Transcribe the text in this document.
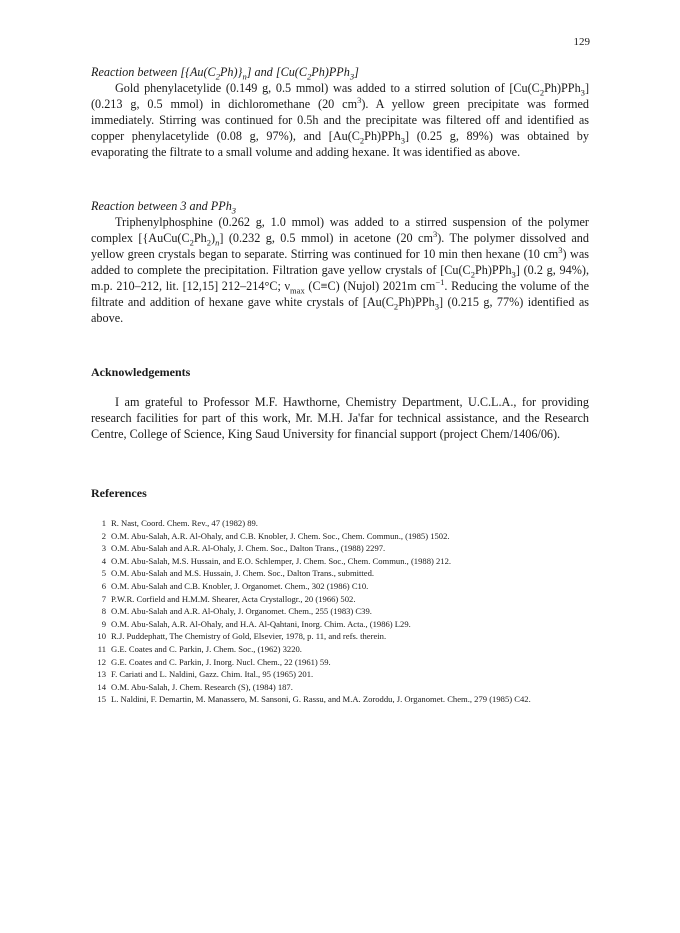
129

Reaction between $[\{Au(C_2Ph)\}_n]$ and $[Cu(C_2Ph)PPh_3]$

Gold phenylacetylide (0.149 g, 0.5 mmol) was added to a stirred solution of $[Cu(C_2Ph)PPh_3]$ (0.213 g, 0.5 mmol) in dichloromethane (20 $cm^3$). A yellow green precipitate was formed immediately. Stirring was continued for 0.5h and the precipitate was filtered off and identified as copper phenylacetylide (0.08 g, 97%), and $[Au(C_2Ph)PPh_3]$ (0.25 g, 89%) was obtained by evaporating the filtrate to a small volume and adding hexane. It was identified as above.

Reaction between 3 and PPh$_3$

Triphenylphosphine (0.262 g, 1.0 mmol) was added to a stirred suspension of the polymer complex [$\{AuCu(C_2Ph_2)_n]$ (0.232 g, 0.5 mmol) in acetone (20 $cm^3$). The polymer dissolved and yellow green crystals began to separate. Stirring was continued for 10 min then hexane (10 $cm^3$) was added to complete the precipitation. Filtration gave yellow crystals of $[Cu(C_2Ph)PPh_3]$ (0.2 g, 94%), m.p. 210–212, lit. [12,15] 212–214°C; $\nu_{max}$ (C≡C) (Nujol) 2021m $cm^{-1}$. Reducing the volume of the filtrate and addition of hexane gave white crystals of $[Au(C_2Ph)PPh_3]$ (0.215 g, 77%) identified as above.

Acknowledgements

I am grateful to Professor M.F. Hawthorne, Chemistry Department, U.C.L.A., for providing research facilities for part of this work, Mr. M.H. Ja'far for technical assistance, and the Research Centre, College of Science, King Saud University for financial support (project Chem/1406/06).

References

1 R. Nast, Coord. Chem. Rev., 47 (1982) 89.
2 O.M. Abu-Salah, A.R. Al-Ohaly, and C.B. Knobler, J. Chem. Soc., Chem. Commun., (1985) 1502.
3 O.M. Abu-Salah and A.R. Al-Ohaly, J. Chem. Soc., Dalton Trans., (1988) 2297.
4 O.M. Abu-Salah, M.S. Hussain, and E.O. Schlemper, J. Chem. Soc., Chem. Commun., (1988) 212.
5 O.M. Abu-Salah and M.S. Hussain, J. Chem. Soc., Dalton Trans., submitted.
6 O.M. Abu-Salah and C.B. Knobler, J. Organomet. Chem., 302 (1986) C10.
7 P.W.R. Corfield and H.M.M. Shearer, Acta Crystallogr., 20 (1966) 502.
8 O.M. Abu-Salah and A.R. Al-Ohaly, J. Organomet. Chem., 255 (1983) C39.
9 O.M. Abu-Salah, A.R. Al-Ohaly, and H.A. Al-Qahtani, Inorg. Chim. Acta., (1986) L29.
10 R.J. Puddephatt, The Chemistry of Gold, Elsevier, 1978, p. 11, and refs. therein.
11 G.E. Coates and C. Parkin, J. Chem. Soc., (1962) 3220.
12 G.E. Coates and C. Parkin, J. Inorg. Nucl. Chem., 22 (1961) 59.
13 F. Cariati and L. Naldini, Gazz. Chim. Ital., 95 (1965) 201.
14 O.M. Abu-Salah, J. Chem. Research (S), (1984) 187.
15 L. Naldini, F. Demartin, M. Manassero, M. Sansoni, G. Rassu, and M.A. Zoroddu, J. Organomet. Chem., 279 (1985) C42.
